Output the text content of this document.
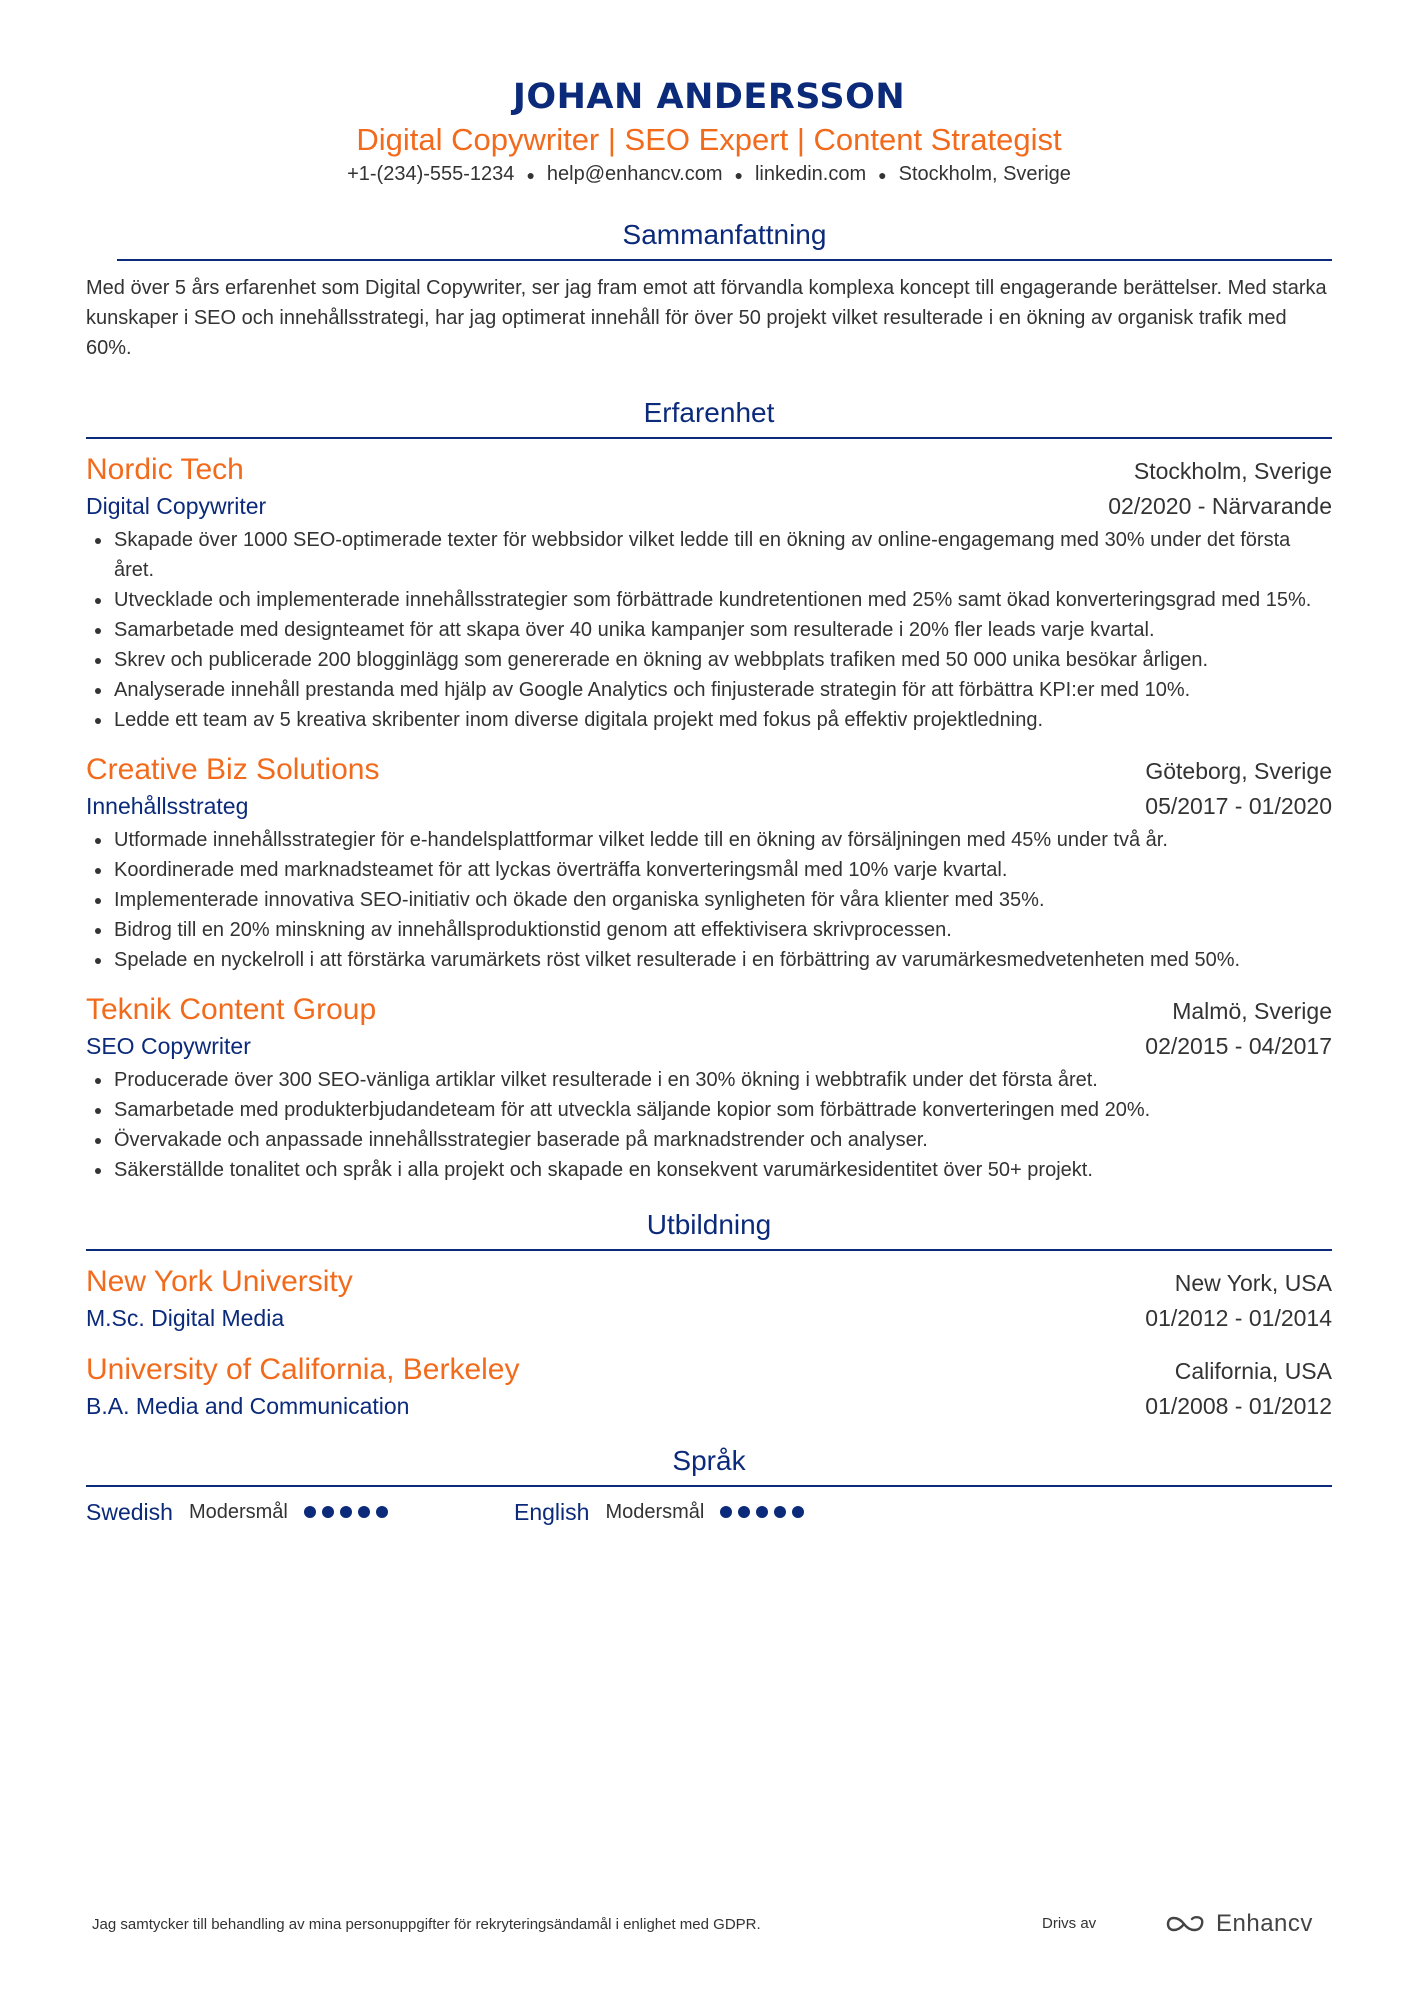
JOHAN ANDERSSON
Digital Copywriter | SEO Expert | Content Strategist
+1-(234)-555-1234 ● help@enhancv.com ● linkedin.com ● Stockholm, Sverige
Sammanfattning
Med över 5 års erfarenhet som Digital Copywriter, ser jag fram emot att förvandla komplexa koncept till engagerande berättelser. Med starka kunskaper i SEO och innehållsstrategi, har jag optimerat innehåll för över 50 projekt vilket resulterade i en ökning av organisk trafik med 60%.
Erfarenhet
Nordic Tech	Stockholm, Sverige
Digital Copywriter	02/2020 - Närvarande
Skapade över 1000 SEO-optimerade texter för webbsidor vilket ledde till en ökning av online-engagemang med 30% under det första året.
Utvecklade och implementerade innehållsstrategier som förbättrade kundretentionen med 25% samt ökad konverteringsgrad med 15%.
Samarbetade med designteamet för att skapa över 40 unika kampanjer som resulterade i 20% fler leads varje kvartal.
Skrev och publicerade 200 blogginlägg som genererade en ökning av webbplats trafiken med 50 000 unika besökar årligen.
Analyserade innehåll prestanda med hjälp av Google Analytics och finjusterade strategin för att förbättra KPI:er med 10%.
Ledde ett team av 5 kreativa skribenter inom diverse digitala projekt med fokus på effektiv projektledning.
Creative Biz Solutions	Göteborg, Sverige
Innehållsstrateg	05/2017 - 01/2020
Utformade innehållsstrategier för e-handelsplattformar vilket ledde till en ökning av försäljningen med 45% under två år.
Koordinerade med marknadsteamet för att lyckas överträffa konverteringsmål med 10% varje kvartal.
Implementerade innovativa SEO-initiativ och ökade den organiska synligheten för våra klienter med 35%.
Bidrog till en 20% minskning av innehållsproduktionstid genom att effektivisera skrivprocessen.
Spelade en nyckelroll i att förstärka varumärkets röst vilket resulterade i en förbättring av varumärkesmedvetenheten med 50%.
Teknik Content Group	Malmö, Sverige
SEO Copywriter	02/2015 - 04/2017
Producerade över 300 SEO-vänliga artiklar vilket resulterade i en 30% ökning i webbtrafik under det första året.
Samarbetade med produkterbjudandeteam för att utveckla säljande kopior som förbättrade konverteringen med 20%.
Övervakade och anpassade innehållsstrategier baserade på marknadstrender och analyser.
Säkerställde tonalitet och språk i alla projekt och skapade en konsekvent varumärkesidentitet över 50+ projekt.
Utbildning
New York University	New York, USA
M.Sc. Digital Media	01/2012 - 01/2014
University of California, Berkeley	California, USA
B.A. Media and Communication	01/2008 - 01/2012
Språk
Swedish Modersmål	English Modersmål
Jag samtycker till behandling av mina personuppgifter för rekryteringsändamål i enlighet med GDPR.	Drivs av	Enhancv
